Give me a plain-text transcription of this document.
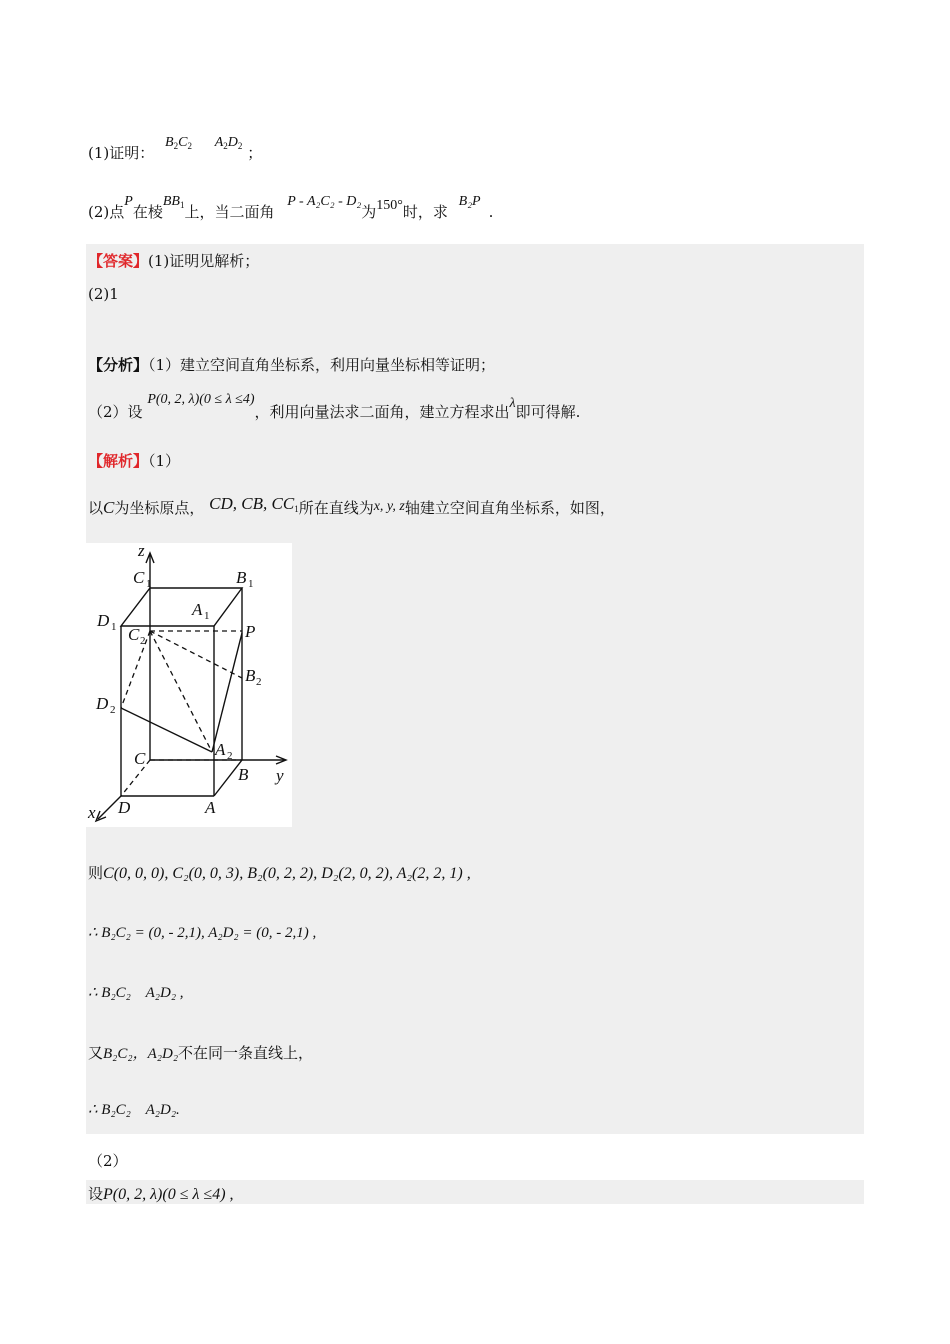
(1)证明： $B_2C_2$ $A_2D_2$ ；
(2)点P在棱$BB_1$上，当二面角 P - A₂C₂ - D₂为150°时，求 B₂P.
【答案】(1)证明见解析；
(2)1
【分析】（1）建立空间直角坐标系，利用向量坐标相等证明；
（2）设 P(0, 2, λ)(0 ≤ λ ≤4)，利用向量法求二面角，建立方程求出λ即可得解.
【解析】（1）
以C为坐标原点， CD, CB, $CC_1$所在直线为x, y, z轴建立空间直角坐标系，如图，
z
y
x
C 1	B 1
D 1
A 1
C 2	P
B 2
D 2
A 2
C
B
D	A
则C(0, 0, 0), C₂(0, 0, 3), B₂(0, 2, 2), D₂(2, 0, 2), A₂(2, 2, 1) ,
∴ B₂C₂ = (0, - 2,1), A₂D₂ = (0, - 2,1) ,
∴ B₂C₂    A₂D₂ ,
又B₂C₂，A₂D₂不在同一条直线上，
∴ B₂C₂    A₂D₂.
（2）
设P(0, 2, λ)(0 ≤ λ ≤4) ,
